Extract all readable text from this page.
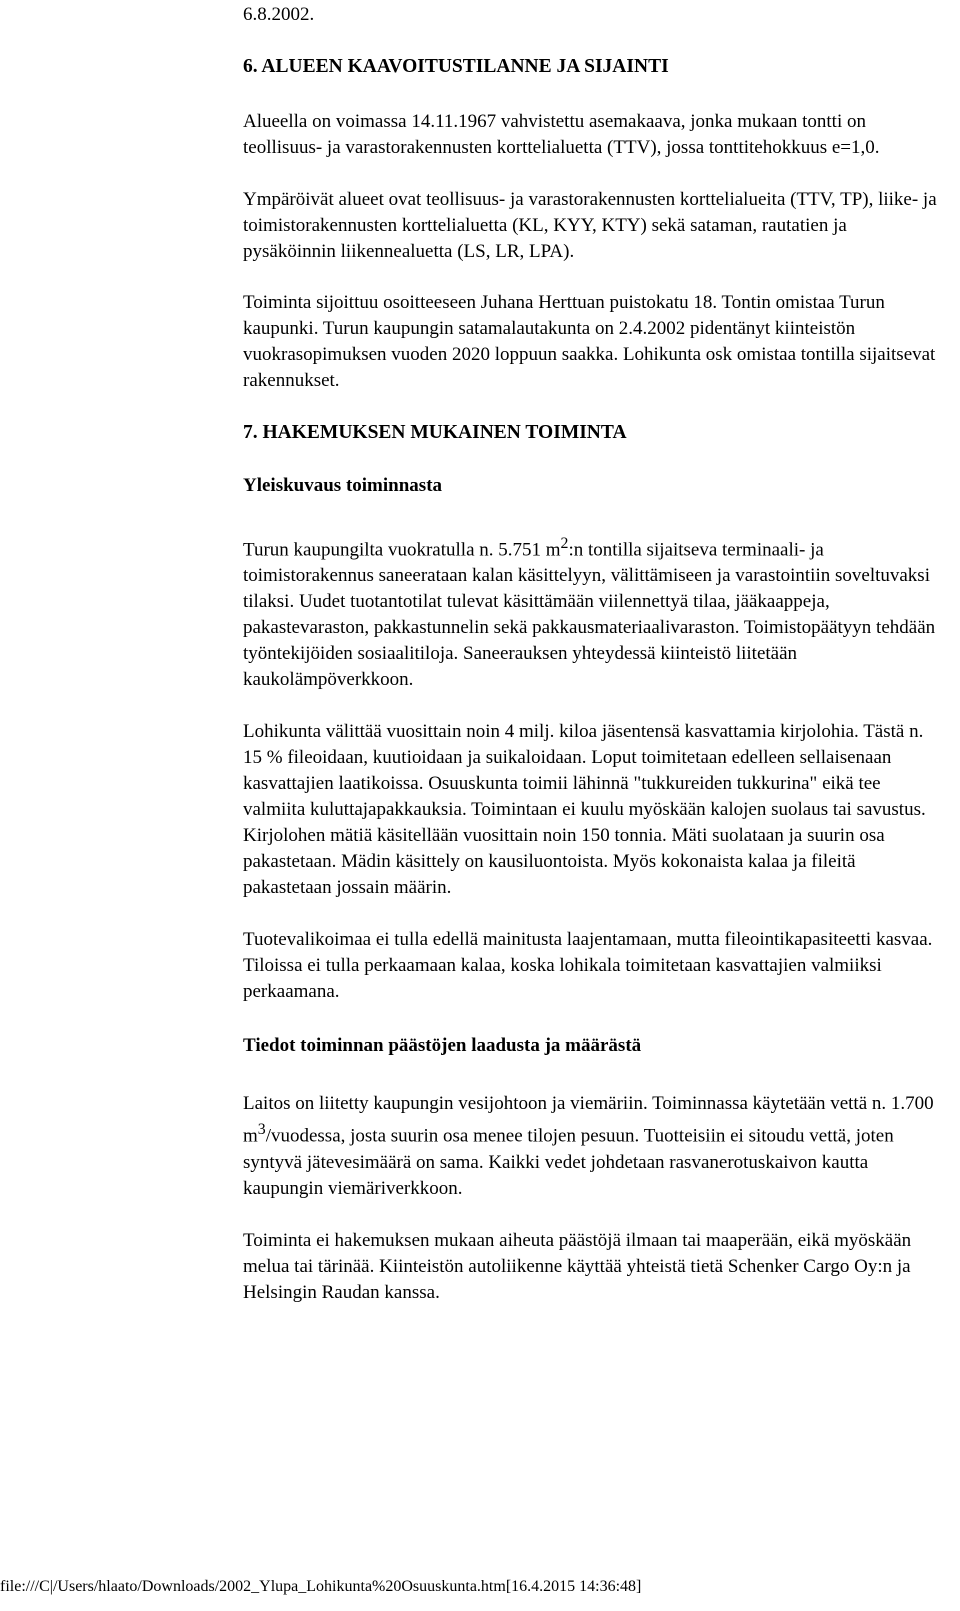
6.8.2002.

6. ALUEEN KAAVOITUSTILANNE JA SIJAINTI

Alueella on voimassa 14.11.1967 vahvistettu asemakaava, jonka mukaan tontti on teollisuus- ja varastorakennusten korttelialuetta (TTV), jossa tonttitehokkuus e=1,0.

Ympäröivät alueet ovat teollisuus- ja varastorakennusten korttelialueita (TTV, TP), liike- ja toimistorakennusten korttelialuetta (KL, KYY, KTY) sekä sataman, rautatien ja pysäköinnin liikennealuetta (LS, LR, LPA).

Toiminta sijoittuu osoitteeseen Juhana Herttuan puistokatu 18. Tontin omistaa Turun kaupunki. Turun kaupungin satamalautakunta on 2.4.2002 pidentänyt kiinteistön vuokrasopimuksen vuoden 2020 loppuun saakka. Lohikunta osk omistaa tontilla sijaitsevat rakennukset.

7. HAKEMUKSEN MUKAINEN TOIMINTA
Yleiskuvaus toiminnasta

Turun kaupungilta vuokratulla n. 5.751 $m^2:n$ tontilla sijaitseva terminaali- ja toimistorakennus saneerataan kalan käsittelyyn, välittämiseen ja varastointiin soveltuvaksi tilaksi. Uudet tuotantotilat tulevat käsittämään viilennettyä tilaa, jääkaappeja, pakastevaraston, pakkastunnelin sekä pakkausmateriaalivaraston. Toimistopäätyyn tehdään työntekijöiden sosiaalitiloja. Saneerauksen yhteydessä kiinteistö liitetään kaukolämpöverkkoon.

Lohikunta välittää vuosittain noin 4 milj. kiloa jäsentensä kasvattamia kirjolohia. Tästä n. 15 % fileoidaan, kuutioidaan ja suikaloidaan. Loput toimitetaan edelleen sellaisenaan kasvattajien laatikoissa. Osuuskunta toimii lähinnä "tukkureiden tukkurina" eikä tee valmiita kuluttajapakkauksia. Toimintaan ei kuulu myöskään kalojen suolaus tai savustus. Kirjolohen mätiä käsitellään vuosittain noin 150 tonnia. Mäti suolataan ja suurin osa pakastetaan. Mädin käsittely on kausiluontoista. Myös kokonaista kalaa ja fileitä pakastetaan jossain määrin.

Tuotevalikoimaa ei tulla edellä mainitusta laajentamaan, mutta fileointikapasiteetti kasvaa. Tiloissa ei tulla perkaamaan kalaa, koska lohikala toimitetaan kasvattajien valmiiksi perkaamana.

Tiedot toiminnan päästöjen laadusta ja määrästä

Laitos on liitetty kaupungin vesijohtoon ja viemäriin. Toiminnassa käytetään vettä n. 1.700 $m^3$/vuodessa, josta suurin osa menee tilojen pesuun. Tuotteisiin ei sitoudu vettä, joten syntyvä jätevesimäärä on sama. Kaikki vedet johdetaan rasvanerotuskaivon kautta kaupungin viemäriverkkoon.

Toiminta ei hakemuksen mukaan aiheuta päästöjä ilmaan tai maaperään, eikä myöskään melua tai tärinää. Kiinteistön autoliikenne käyttää yhteistä tietä Schenker Cargo Oy:n ja Helsingin Raudan kanssa.

file:///C|/Users/hlaato/Downloads/2002_Ylupa_Lohikunta%20Osuuskunta.htm[16.4.2015 14:36:48]
